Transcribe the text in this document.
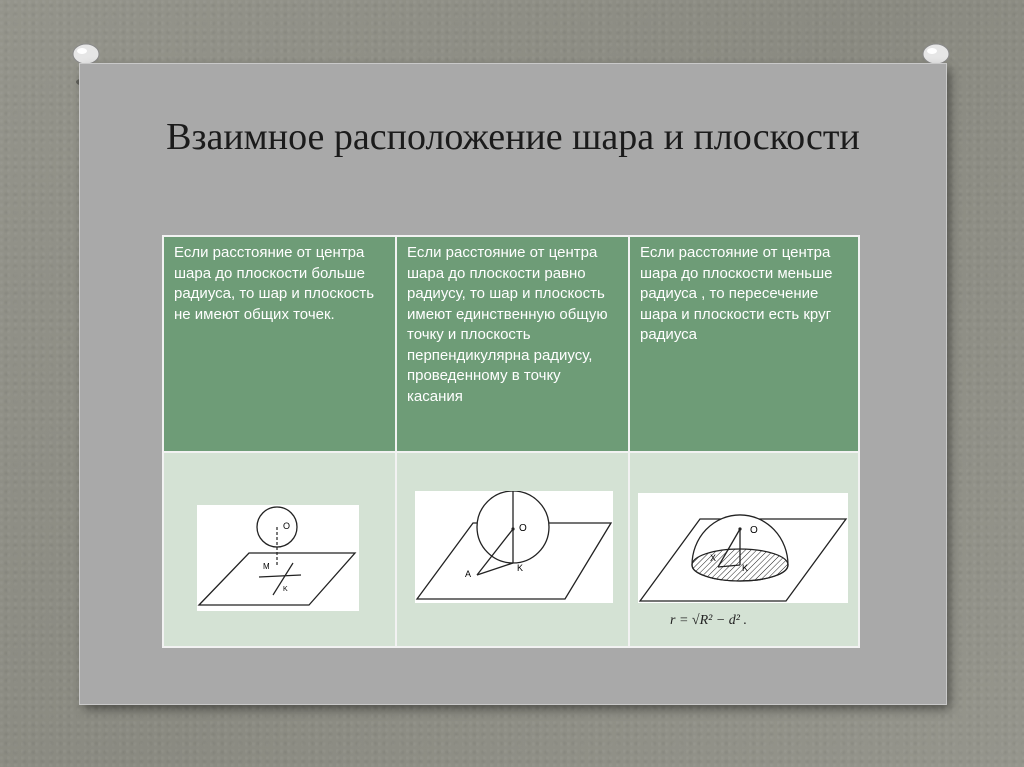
Взаимное расположение шара и плоскости
Если расстояние от центра шара до плоскости больше радиуса, то шар и плоскость не имеют общих точек.
Если расстояние от центра шара до плоскости равно радиусу, то шар и плоскость имеют единственную общую точку и плоскость перпендикулярна радиусу, проведенному в точку касания
Если расстояние от центра шара до плоскости меньше радиуса , то пересечение шара и плоскости есть круг радиуса
O
M
K
O
A
K
O
X
K
r = √R² − d² .
